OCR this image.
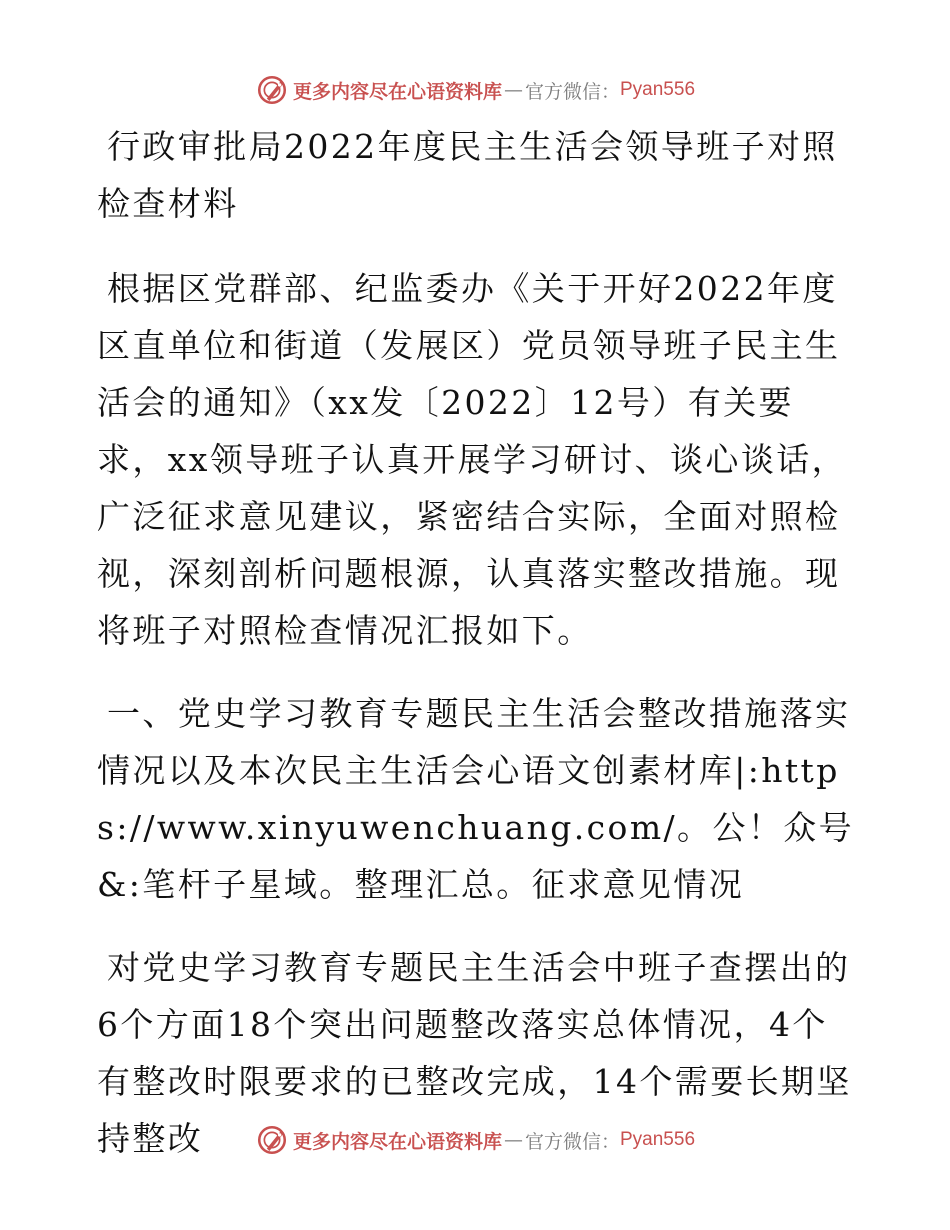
更多内容尽在心语资料库 — 官方微信： Pyan556

行政审批局2022年度民主生活会领导班子对照检查材料

根据区党群部、纪监委办《关于开好2022年度区直单位和街道（发展区）党员领导班子民主生活会的通知》（xx发〔2022〕12号）有关要求，xx领导班子认真开展学习研讨、谈心谈话，广泛征求意见建议，紧密结合实际，全面对照检视，深刻剖析问题根源，认真落实整改措施。现将班子对照检查情况汇报如下。

一、党史学习教育专题民主生活会整改措施落实情况以及本次民主生活会心语文创素材库|:https://www.xinyuwenchuang.com/。公！众号&:笔杆子星域。整理汇总。征求意见情况

对党史学习教育专题民主生活会中班子查摆出的6个方面18个突出问题整改落实总体情况，4个有整改时限要求的已整改完成，14个需要长期坚持整改	更多内容尽在心语资料库 — 官方微信： Pyan556
